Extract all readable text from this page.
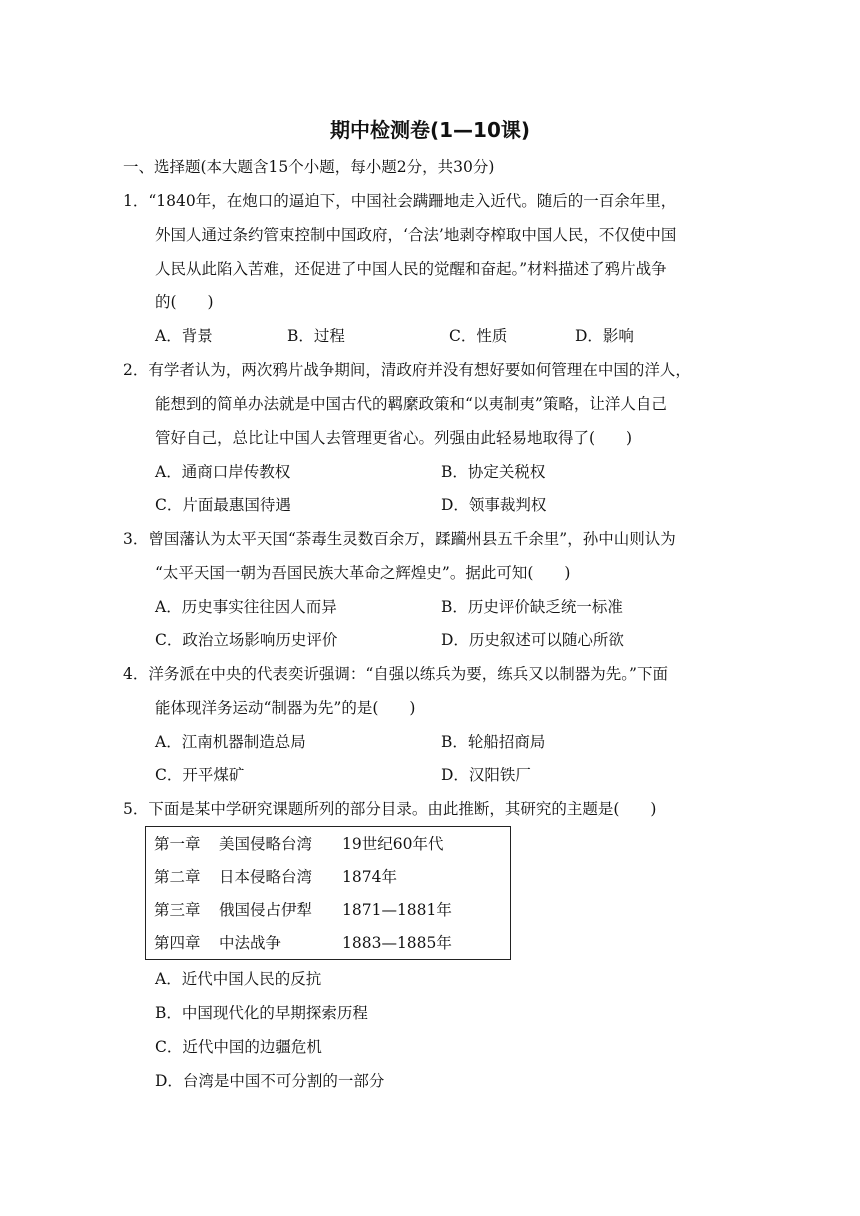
期中检测卷(1—10课)
一、选择题(本大题含15个小题，每小题2分，共30分)
1．“1840年，在炮口的逼迫下，中国社会蹒跚地走入近代。随后的一百余年里，
外国人通过条约管束控制中国政府，‘合法’地剥夺榨取中国人民，不仅使中国
人民从此陷入苦难，还促进了中国人民的觉醒和奋起。”材料描述了鸦片战争
的(　　)
A．背景	B．过程	C．性质	D．影响
2．有学者认为，两次鸦片战争期间，清政府并没有想好要如何管理在中国的洋人，
能想到的简单办法就是中国古代的羁縻政策和“以夷制夷”策略，让洋人自己
管好自己，总比让中国人去管理更省心。列强由此轻易地取得了(　　)
A．通商口岸传教权	B．协定关税权
C．片面最惠国待遇	D．领事裁判权
3．曾国藩认为太平天国“荼毒生灵数百余万，蹂躏州县五千余里”，孙中山则认为
“太平天国一朝为吾国民族大革命之辉煌史”。据此可知(　　)
A．历史事实往往因人而异	B．历史评价缺乏统一标准
C．政治立场影响历史评价	D．历史叙述可以随心所欲
4．洋务派在中央的代表奕䜣强调：“自强以练兵为要，练兵又以制器为先。”下面
能体现洋务运动“制器为先”的是(　　)
A．江南机器制造总局	B．轮船招商局
C．开平煤矿	D．汉阳铁厂
5．下面是某中学研究课题所列的部分目录。由此推断，其研究的主题是(　　)
第一章 美国侵略台湾 19世纪60年代
第二章 日本侵略台湾 1874年
第三章 俄国侵占伊犁 1871—1881年
第四章 中法战争	1883—1885年
A．近代中国人民的反抗
B．中国现代化的早期探索历程
C．近代中国的边疆危机
D．台湾是中国不可分割的一部分
